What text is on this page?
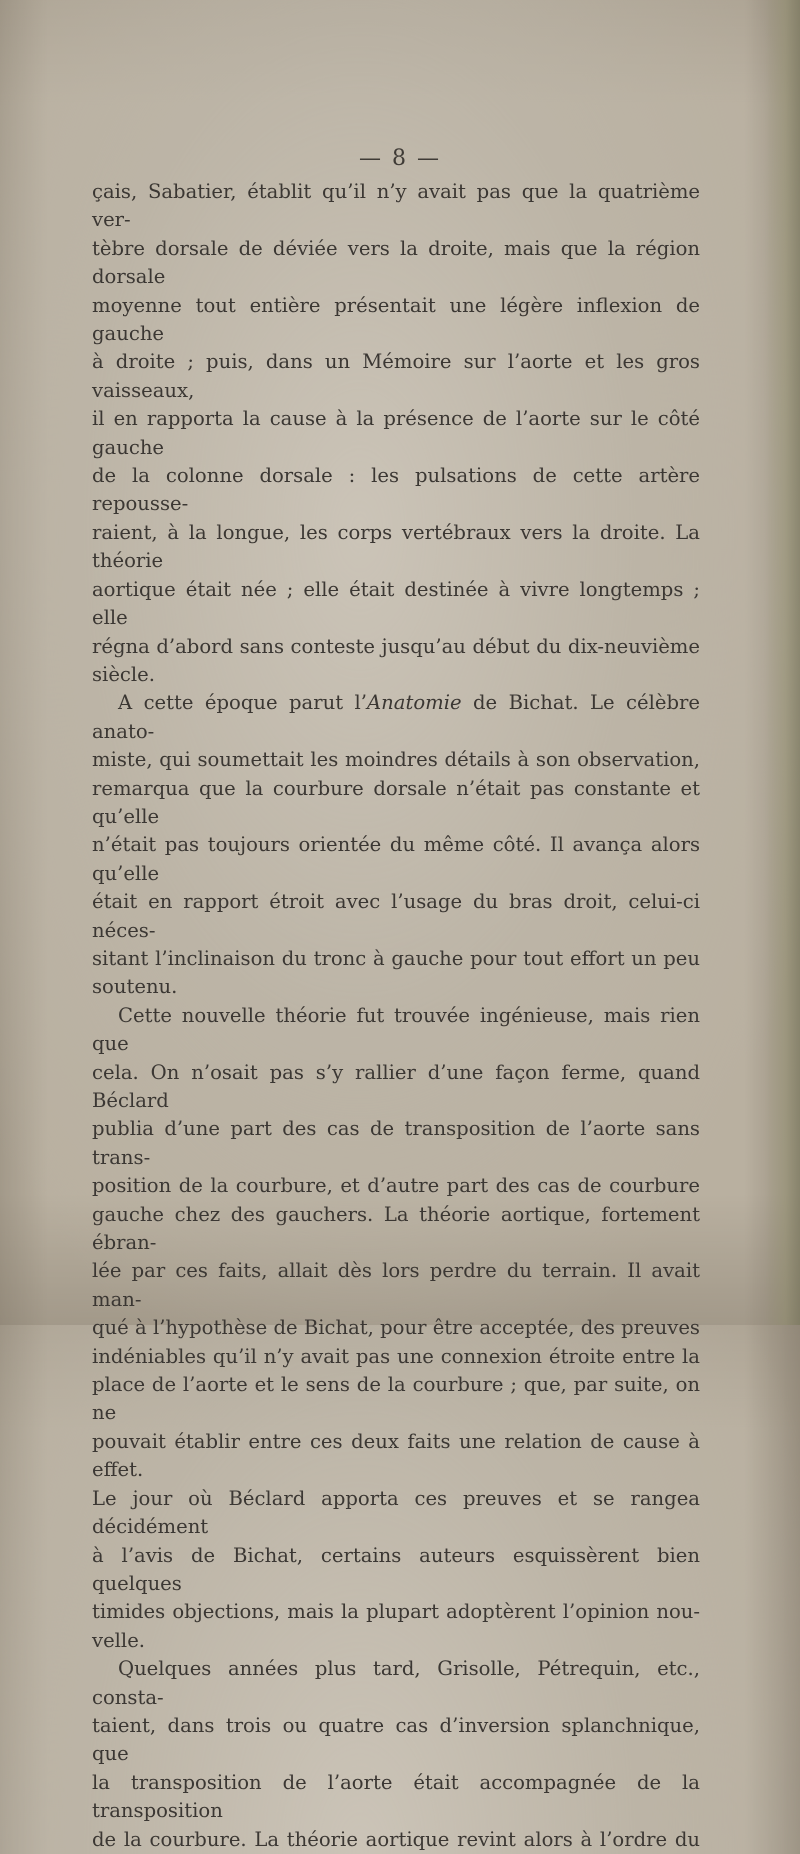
— 8 —

çais, Sabatier, établit qu’il n’y avait pas que la quatrième ver-

tèbre dorsale de déviée vers la droite, mais que la région dorsale

moyenne tout entière présentait une légère inflexion de gauche

à droite ; puis, dans un Mémoire sur l’aorte et les gros vaisseaux,

il en rapporta la cause à la présence de l’aorte sur le côté gauche

de la colonne dorsale : les pulsations de cette artère repousse-

raient, à la longue, les corps vertébraux vers la droite. La théorie

aortique était née ; elle était destinée à vivre longtemps ; elle

régna d’abord sans conteste jusqu’au début du dix-neuvième

siècle.

A cette époque parut l’Anatomie de Bichat. Le célèbre anato-

miste, qui soumettait les moindres détails à son observation,

remarqua que la courbure dorsale n’était pas constante et qu’elle

n’était pas toujours orientée du même côté. Il avança alors qu’elle

était en rapport étroit avec l’usage du bras droit, celui-ci néces-

sitant l’inclinaison du tronc à gauche pour tout effort un peu

soutenu.

Cette nouvelle théorie fut trouvée ingénieuse, mais rien que

cela. On n’osait pas s’y rallier d’une façon ferme, quand Béclard

publia d’une part des cas de transposition de l’aorte sans trans-

position de la courbure, et d’autre part des cas de courbure

gauche chez des gauchers. La théorie aortique, fortement ébran-

lée par ces faits, allait dès lors perdre du terrain. Il avait man-

qué à l’hypothèse de Bichat, pour être acceptée, des preuves

indéniables qu’il n’y avait pas une connexion étroite entre la

place de l’aorte et le sens de la courbure ; que, par suite, on ne

pouvait établir entre ces deux faits une relation de cause à effet.

Le jour où Béclard apporta ces preuves et se rangea décidément

à l’avis de Bichat, certains auteurs esquissèrent bien quelques

timides objections, mais la plupart adoptèrent l’opinion nou-

velle.

Quelques années plus tard, Grisolle, Pétrequin, etc., consta-

taient, dans trois ou quatre cas d’inversion splanchnique, que

la transposition de l’aorte était accompagnée de la transposition

de la courbure. La théorie aortique revint alors à l’ordre du
